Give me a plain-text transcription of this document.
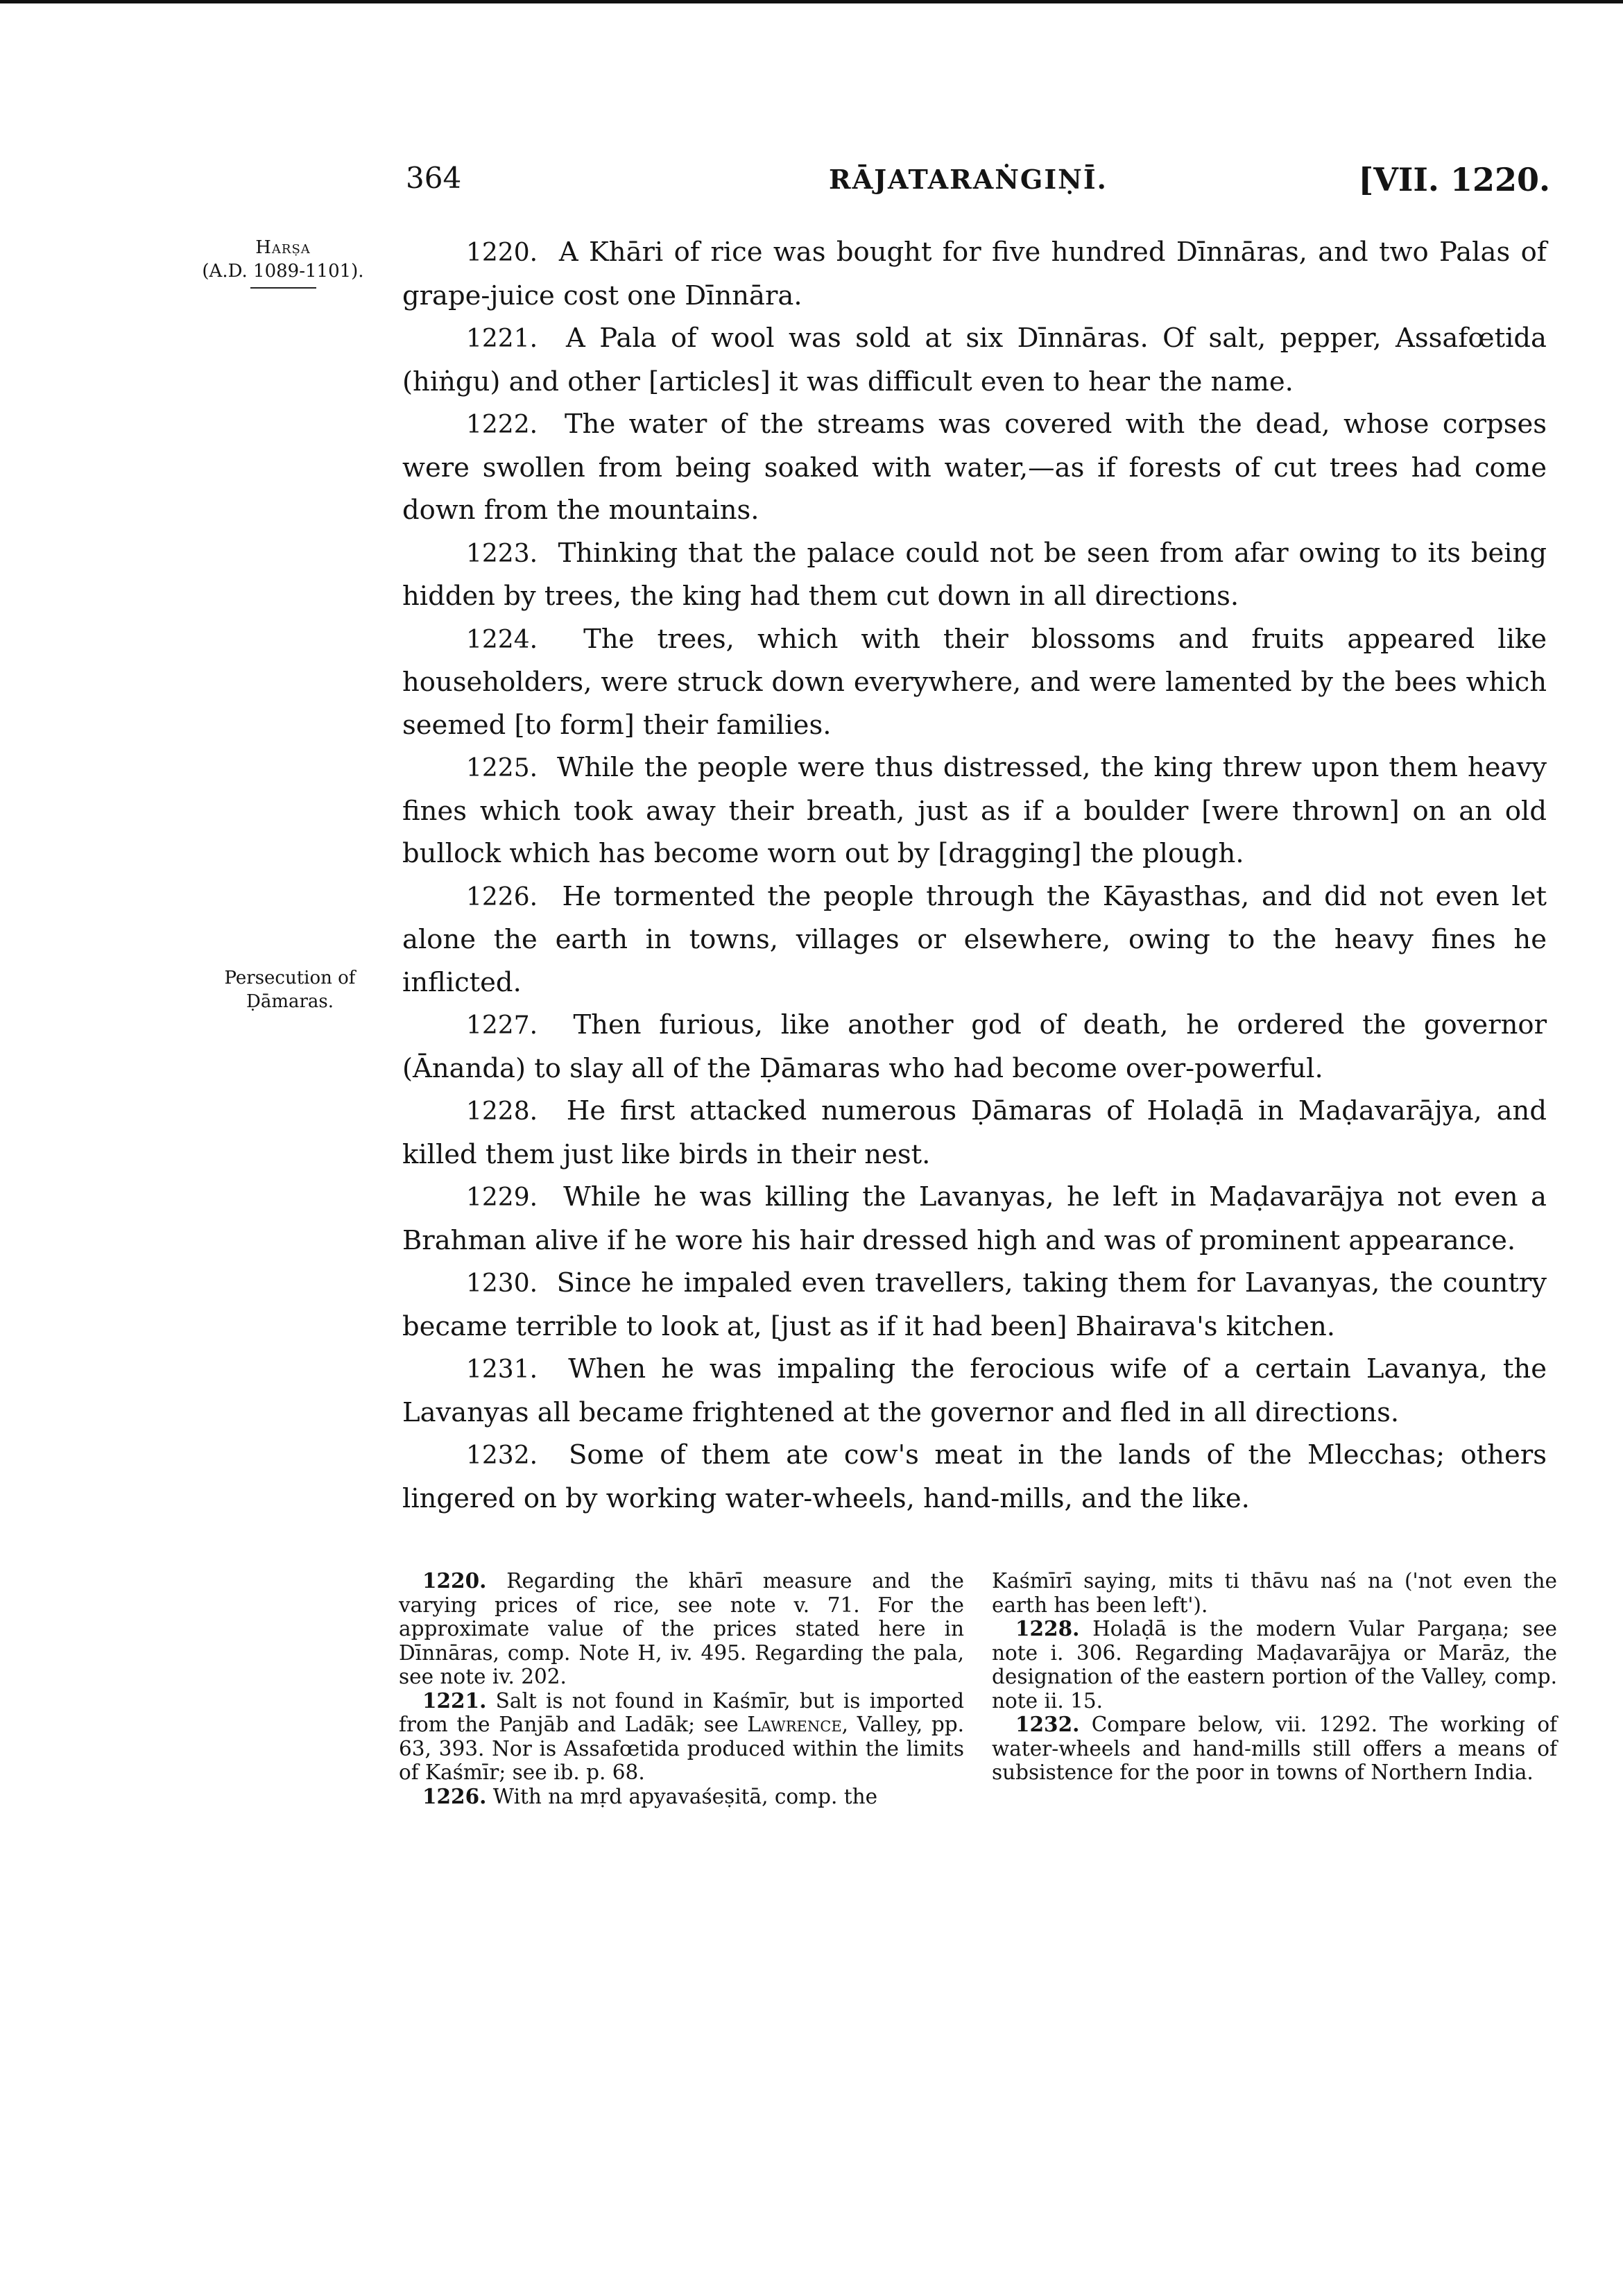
364	RĀJATARAṄGIṆĪ.	[VII. 1220.
Harṣa
(A.D. 1089-1101).
Persecution of
Ḍāmaras.

1220. A Khāri of rice was bought for five hundred Dīnnāras, and two Palas of grape-juice cost one Dīnnāra.

1221. A Pala of wool was sold at six Dīnnāras. Of salt, pepper, Assafœtida (hiṅgu) and other [articles] it was difficult even to hear the name.

1222. The water of the streams was covered with the dead, whose corpses were swollen from being soaked with water,—as if forests of cut trees had come down from the mountains.

1223. Thinking that the palace could not be seen from afar owing to its being hidden by trees, the king had them cut down in all directions.

1224. The trees, which with their blossoms and fruits appeared like householders, were struck down everywhere, and were lamented by the bees which seemed [to form] their families.

1225. While the people were thus distressed, the king threw upon them heavy fines which took away their breath, just as if a boulder [were thrown] on an old bullock which has become worn out by [dragging] the plough.

1226. He tormented the people through the Kāyasthas, and did not even let alone the earth in towns, villages or elsewhere, owing to the heavy fines he inflicted.

1227. Then furious, like another god of death, he ordered the governor (Ānanda) to slay all of the Ḍāmaras who had become over-powerful.

1228. He first attacked numerous Ḍāmaras of Holaḍā in Maḍavarājya, and killed them just like birds in their nest.

1229. While he was killing the Lavanyas, he left in Maḍavarājya not even a Brahman alive if he wore his hair dressed high and was of prominent appearance.

1230. Since he impaled even travellers, taking them for Lavanyas, the country became terrible to look at, [just as if it had been] Bhairava's kitchen.

1231. When he was impaling the ferocious wife of a certain Lavanya, the Lavanyas all became frightened at the governor and fled in all directions.

1232. Some of them ate cow's meat in the lands of the Mlecchas; others lingered on by working water-wheels, hand-mills, and the like.

1220. Regarding the khārī measure and the varying prices of rice, see note v. 71. For the approximate value of the prices stated here in Dīnnāras, comp. Note H, iv. 495. Regarding the pala, see note iv. 202.

1221. Salt is not found in Kaśmīr, but is imported from the Panjāb and Ladāk; see Lawrence, Valley, pp. 63, 393. Nor is Assafœtida produced within the limits of Kaśmīr; see ib. p. 68.

1226. With na mṛd apyavaśeṣitā, comp. the

Kaśmīrī saying, mits ti thāvu naś na ('not even the earth has been left').

1228. Holaḍā is the modern Vular Pargaṇa; see note i. 306. Regarding Maḍavarājya or Marāz, the designation of the eastern portion of the Valley, comp. note ii. 15.

1232. Compare below, vii. 1292. The working of water-wheels and hand-mills still offers a means of subsistence for the poor in towns of Northern India.
